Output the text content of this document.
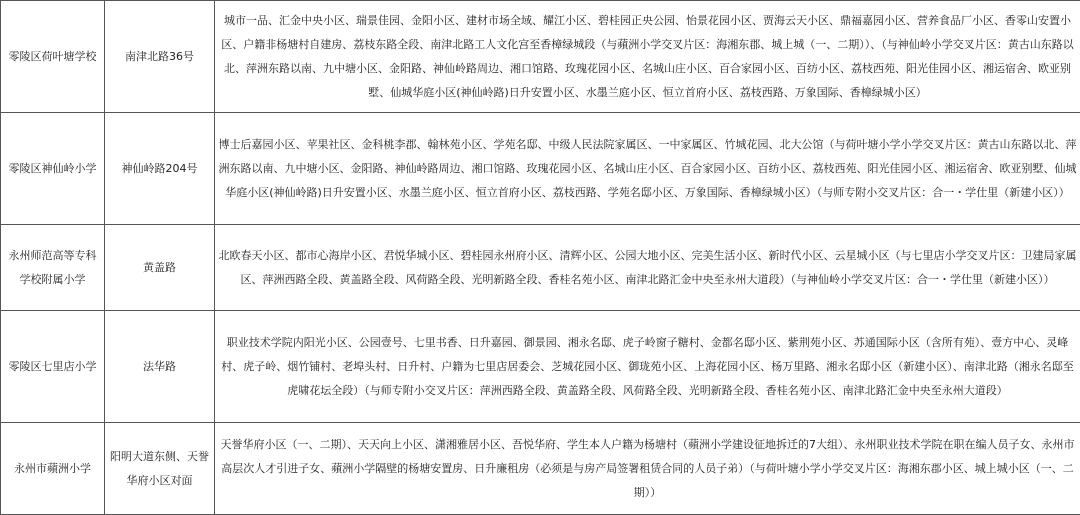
零陵区荷叶塘学校	南津北路36号	城市一品、汇金中央小区、瑞景佳园、金阳小区、建材市场全域、耀江小区、碧桂园正央公园、怡景花园小区、贾海云天小区、鼎福嘉园小区、营养食品厂小区、香零山安置小区、户籍非杨塘村自建房、荔枝东路全段、南津北路工人文化宫至香樟绿城段（与蘋洲小学交叉片区：海湘东郡、城上城（一、二期））、（与神仙岭小学交叉片区：黄古山东路以北、萍洲东路以南、九中塘小区、金阳路、神仙岭路周边、湘口馆路、玫瑰花园小区、名城山庄小区、百合家园小区、百纺小区、荔枝西苑、阳光佳园小区、湘运宿舍、欧亚别墅、仙城华庭小区(神仙岭路)日升安置小区、水墨兰庭小区、恒立首府小区、荔枝西路、万象国际、香樟绿城小区）
零陵区神仙岭小学	神仙岭路204号	博士后嘉园小区、苹果社区、金科桃李郡、翰林苑小区、学苑名邸、中级人民法院家属区、一中家属区、竹城花园、北大公馆（与荷叶塘小学小学交叉片区：黄古山东路以北、萍洲东路以南、九中塘小区、金阳路、神仙岭路周边、湘口馆路、玫瑰花园小区、名城山庄小区、百合家园小区、百纺小区、荔枝西苑、阳光佳园小区、湘运宿舍、欧亚别墅、仙城华庭小区(神仙岭路)日升安置小区、水墨兰庭小区、恒立首府小区、荔枝西路、学苑名邸小区、万象国际、香樟绿城小区）（与师专附小交叉片区：合一・学仕里（新建小区））
永州师范高等专科学校附属小学	黄盖路	北欧春天小区、都市心海岸小区、君悦华城小区、碧桂园永州府小区、清辉小区、公园大地小区、完美生活小区、新时代小区、云星城小区（与七里店小学交叉片区：卫建局家属区、萍洲西路全段、黄盖路全段、风荷路全段、光明新路全段、香桂名苑小区、南津北路汇金中央至永州大道段）（与神仙岭小学交叉片区：合一・学仕里（新建小区））
零陵区七里店小学	法华路	职业技术学院内阳光小区、公园壹号、七里书香、日升嘉园、御景园、湘永名邸、虎子岭窗子糖村、金都名邸小区、紫荆苑小区、苏通国际小区（含所有苑）、壹方中心、灵峰村、虎子岭、烟竹铺村、老埠头村、日升村、户籍为七里店居委会、芝城花园小区、御珑苑小区、上海花园小区、杨万里路、湘永名邸小区（新建小区）、南津北路（湘永名邸至虎啸花坛全段）（与师专附小交叉片区：萍洲西路全段、黄盖路全段、风荷路全段、光明新路全段、香桂名苑小区、南津北路汇金中央至永州大道段）
永州市蘋洲小学	阳明大道东侧、天誉华府小区对面	天誉华府小区（一、二期）、天天向上小区、潇湘雅居小区、吾悦华府、学生本人户籍为杨塘村（蘋洲小学建设征地拆迁的7大组）、永州职业技术学院在职在编人员子女、永州市高层次人才引进子女、蘋洲小学隔壁的杨塘安置房、日升廉租房（必须是与房产局签署租赁合同的人员子弟）（与荷叶塘小学小学交叉片区：海湘东郡小区、城上城小区（一、二期））
